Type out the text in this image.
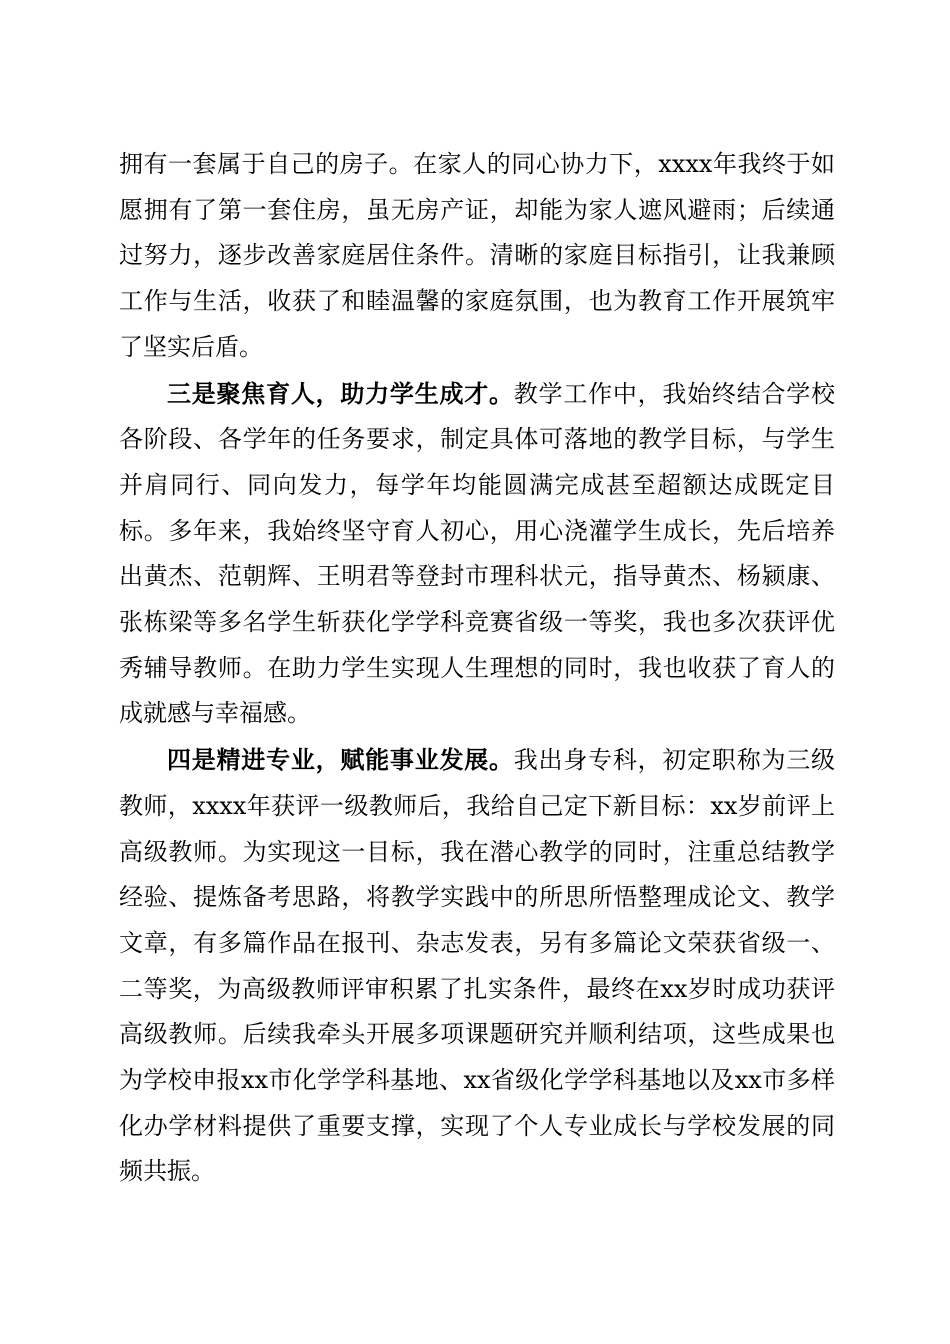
拥有一套属于自己的房子。在家人的同心协力下，xxxx年我终于如愿拥有了第一套住房，虽无房产证，却能为家人遮风避雨；后续通过努力，逐步改善家庭居住条件。清晰的家庭目标指引，让我兼顾工作与生活，收获了和睦温馨的家庭氛围，也为教育工作开展筑牢了坚实后盾。

三是聚焦育人，助力学生成才。教学工作中，我始终结合学校各阶段、各学年的任务要求，制定具体可落地的教学目标，与学生并肩同行、同向发力，每学年均能圆满完成甚至超额达成既定目标。多年来，我始终坚守育人初心，用心浇灌学生成长，先后培养出黄杰、范朝辉、王明君等登封市理科状元，指导黄杰、杨颍康、张栋梁等多名学生斩获化学学科竞赛省级一等奖，我也多次获评优秀辅导教师。在助力学生实现人生理想的同时，我也收获了育人的成就感与幸福感。

四是精进专业，赋能事业发展。我出身专科，初定职称为三级教师，xxxx年获评一级教师后，我给自己定下新目标：xx岁前评上高级教师。为实现这一目标，我在潜心教学的同时，注重总结教学经验、提炼备考思路，将教学实践中的所思所悟整理成论文、教学文章，有多篇作品在报刊、杂志发表，另有多篇论文荣获省级一、二等奖，为高级教师评审积累了扎实条件，最终在xx岁时成功获评高级教师。后续我牵头开展多项课题研究并顺利结项，这些成果也为学校申报xx市化学学科基地、xx省级化学学科基地以及xx市多样化办学材料提供了重要支撑，实现了个人专业成长与学校发展的同频共振。
